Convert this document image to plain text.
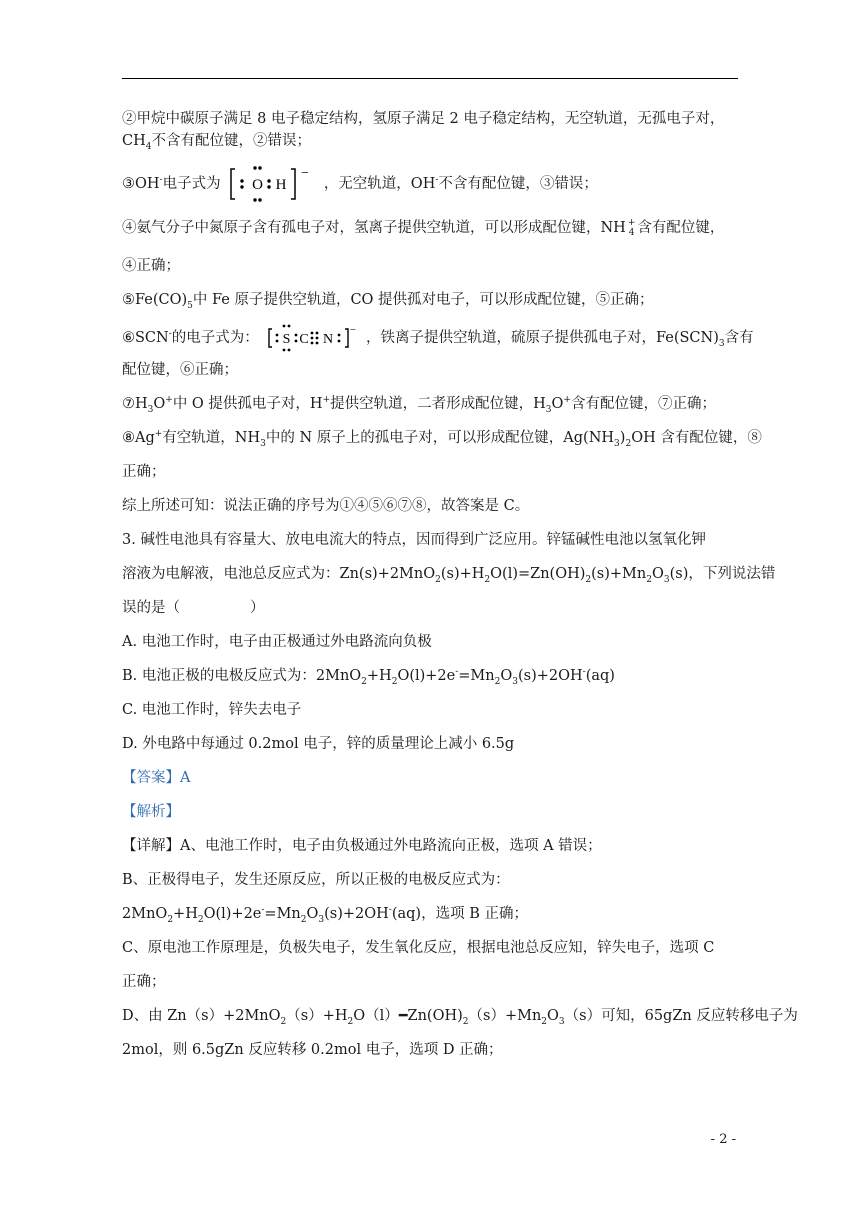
②甲烷中碳原子满足 8 电子稳定结构，氢原子满足 2 电子稳定结构，无空轨道，无孤电子对，

$CH_4$不含有配位键，②错误；

③OH-电子式为 O H
−
，无空轨道，OH-不含有配位键，③错误；

④氨气分子中氮原子含有孤电子对，氢离子提供空轨道，可以形成配位键，NH +
4 含有配位键，

④正确；

$⑤Fe(CO)_5$中 Fe 原子提供空轨道，CO 提供孤对电子，可以形成配位键，⑤正确；

⑥SCN-的电子式为： S C N
− ，铁离子提供空轨道，硫原子提供孤电子对，$Fe(SCN)_3$含有

配位键，⑥正确；

$⑦H_3O^+$中 O 提供孤电子对，H+提供空轨道，二者形成配位键，$H_3O^+$含有配位键，⑦正确；

⑧Ag+有空轨道，$NH_3$中的 N 原子上的孤电子对，可以形成配位键，$Ag(NH_3)_2OH$ 含有配位键，⑧

正确；

综上所述可知：说法正确的序号为①④⑤⑥⑦⑧，故答案是 C。

3. 碱性电池具有容量大、放电电流大的特点，因而得到广泛应用。锌锰碱性电池以氢氧化钾

溶液为电解液，电池总反应式为：$Zn(s)+2MnO_2(s)+H_2O(l)=Zn(OH)_2(s)+Mn_2O_3(s)$，下列说法错

误的是（	）

A. 电池工作时，电子由正极通过外电路流向负极

B. 电池正极的电极反应式为：$2MnO_2+H_2O(l)+2e^-=Mn_2O_3(s)+2OH^-(aq)$

C. 电池工作时，锌失去电子

D. 外电路中每通过 0.2mol 电子，锌的质量理论上减小 6.5g

【答案】A

【解析】

【详解】A、电池工作时，电子由负极通过外电路流向正极，选项 A 错误；

B、正极得电子，发生还原反应，所以正极的电极反应式为：

$2MnO_2+H_2O(l)+2e^-=Mn_2O_3(s)+2OH^-(aq)$，选项 B 正确；

C、原电池工作原理是，负极失电子，发生氧化反应，根据电池总反应知，锌失电子，选项 C

正确；

D、由 $Zn(s)+2MnO_2(s)+H_2O(l)━Zn(OH)_2(s)+Mn_2O_3(s)$可知，65gZn 反应转移电子为

2mol，则 6.5gZn 反应转移 0.2mol 电子，选项 D 正确；

- 2 -
